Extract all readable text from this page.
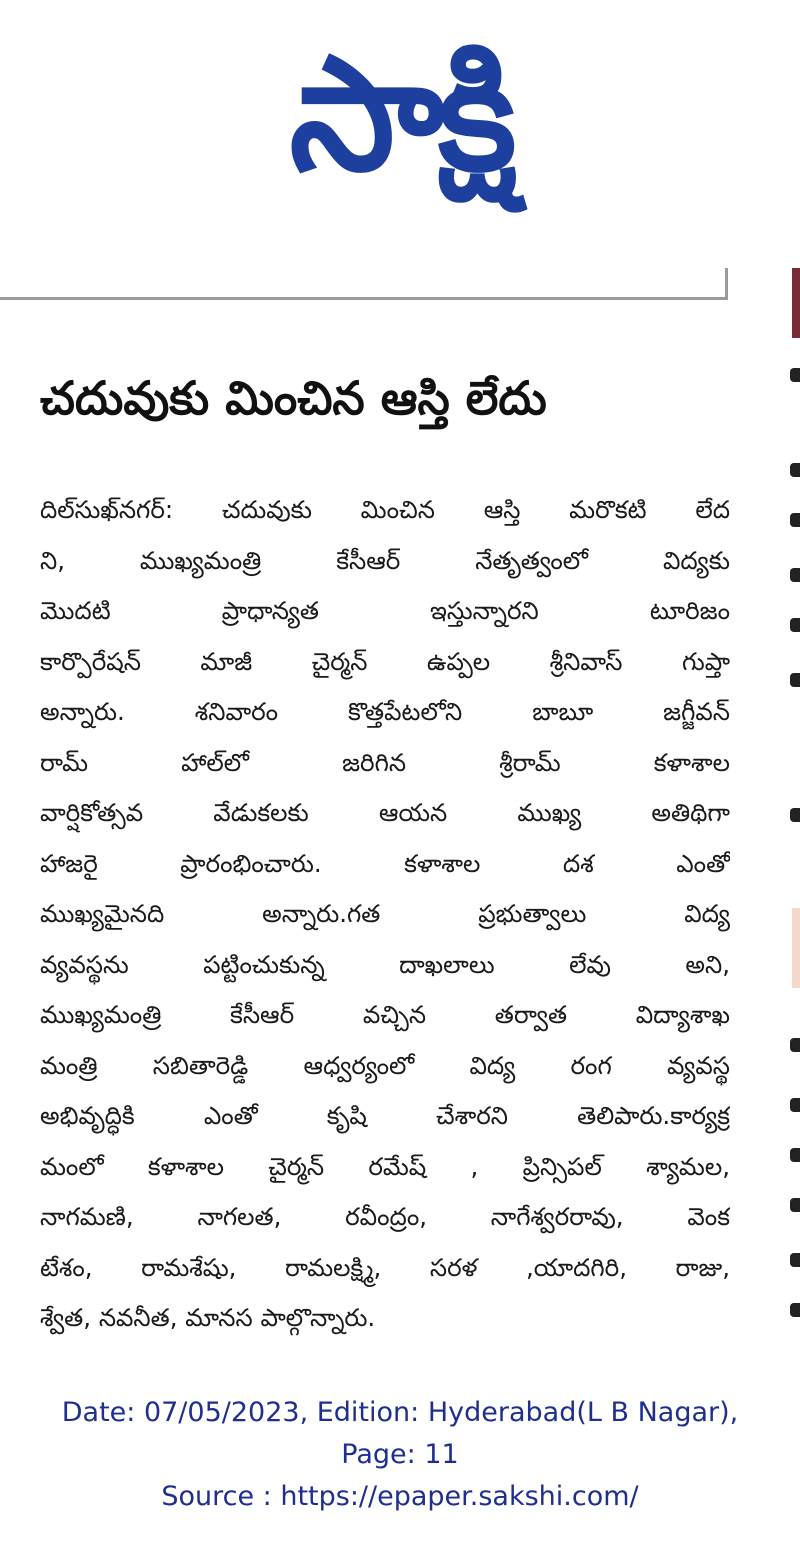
సాక్షి
చదువుకు మించిన ఆస్తి లేదు
దిల్‌సుఖ్‌నగర్: చదువుకు మించిన ఆస్తి మరొకటి లేద
ని, ముఖ్యమంత్రి కేసీఆర్ నేతృత్వంలో విద్యకు
మొదటి ప్రాధాన్యత ఇస్తున్నారని టూరిజం
కార్పొరేషన్ మాజీ చైర్మన్ ఉప్పల శ్రీనివాస్ గుప్తా
అన్నారు. శనివారం కొత్తపేటలోని బాబూ జగ్జీవన్
రామ్ హాల్‌లో జరిగిన శ్రీరామ్ కళాశాల
వార్షికోత్సవ వేడుకలకు ఆయన ముఖ్య అతిథిగా
హాజరై ప్రారంభించారు. కళాశాల దశ ఎంతో
ముఖ్యమైనది అన్నారు.గత ప్రభుత్వాలు విద్య
వ్యవస్థను పట్టించుకున్న దాఖలాలు లేవు అని,
ముఖ్యమంత్రి కేసీఆర్ వచ్చిన తర్వాత విద్యాశాఖ
మంత్రి సబితారెడ్డి ఆధ్వర్యంలో విద్య రంగ వ్యవస్థ
అభివృద్ధికి ఎంతో కృషి చేశారని తెలిపారు.కార్యక్ర
మంలో కళాశాల చైర్మన్ రమేష్ , ప్రిన్సిపల్ శ్యామల,
నాగమణి, నాగలత, రవీంద్రం, నాగేశ్వరరావు, వెంక
టేశం, రామశేషు, రామలక్ష్మి, సరళ ,యాదగిరి, రాజు,
శ్వేత, నవనీత, మానస పాల్గొన్నారు.
Date: 07/05/2023, Edition: Hyderabad(L B Nagar),
Page: 11
Source : https://epaper.sakshi.com/
